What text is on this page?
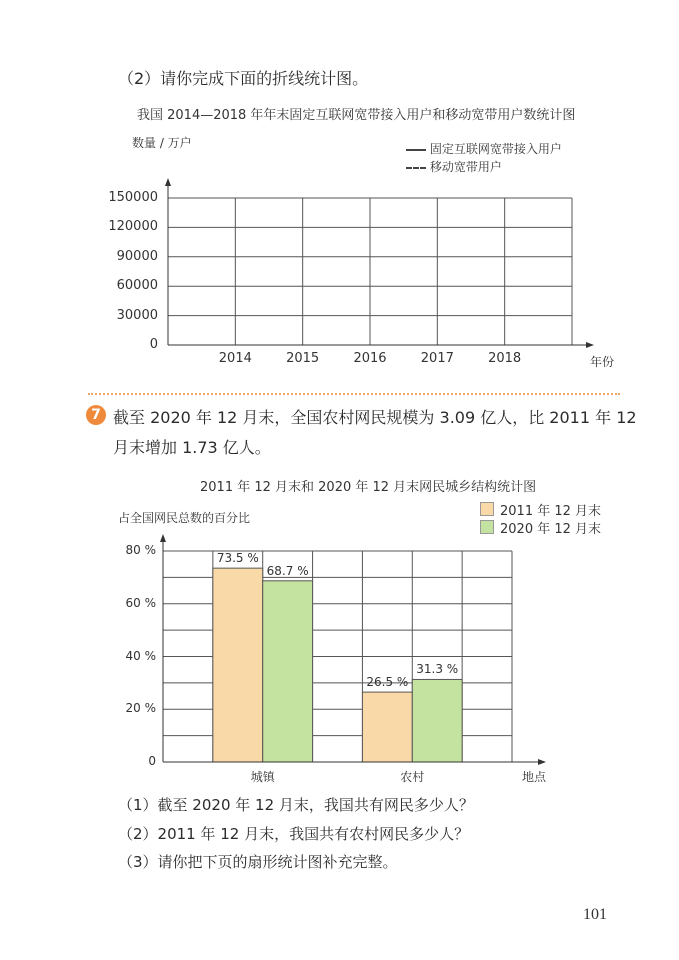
（2）请你完成下面的折线统计图。
我国 2014—2018 年年末固定互联网宽带接入用户和移动宽带用户数统计图
数量 / 万户	固定互联网宽带接入用户
移动宽带用户
0
30000
60000
90000
120000
150000
2014	2015	2016	2017	2018	年份
7 截至 2020 年 12 月末，全国农村网民规模为 3.09 亿人，比 2011 年 12
月末增加 1.73 亿人。
2011 年 12 月末和 2020 年 12 月末网民城乡结构统计图
占全国网民总数的百分比	2011 年 12 月末
2020 年 12 月末
73.5 %
68.7 %
城镇
26.5 %
31.3 %
农村
0
20 %
40 %
60 %
80 %
地点
（1）截至 2020 年 12 月末，我国共有网民多少人？
（2）2011 年 12 月末，我国共有农村网民多少人？
（3）请你把下页的扇形统计图补充完整。
101
